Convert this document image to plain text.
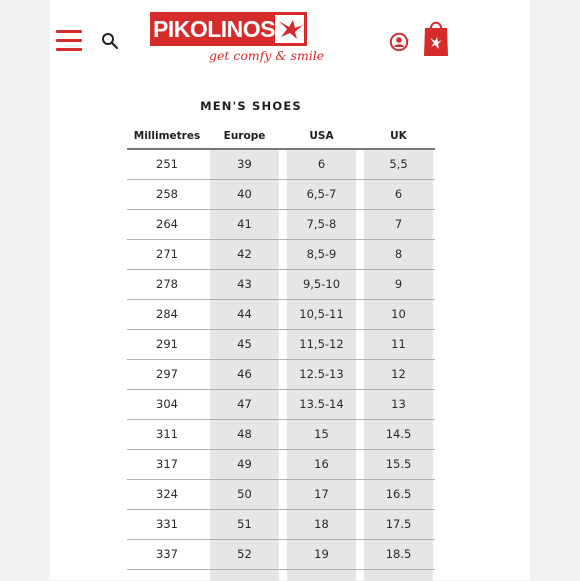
PIKOLINOS
get comfy & smile
MEN'S SHOES
Millimetres	Europe	USA	UK
251	39	6	5,5
258	40	6,5-7	6
264	41	7,5-8	7
271	42	8,5-9	8
278	43	9,5-10	9
284	44	10,5-11	10
291	45	11,5-12	11
297	46	12.5-13	12
304	47	13.5-14	13
311	48	15	14.5
317	49	16	15.5
324	50	17	16.5
331	51	18	17.5
337	52	19	18.5
